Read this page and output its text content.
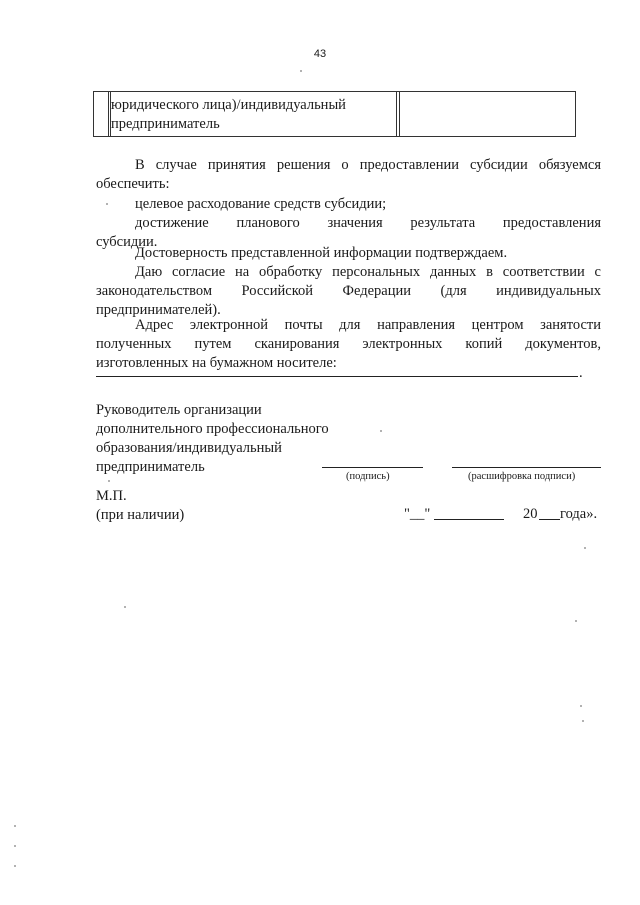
43
юридического лица)/индивидуальный
предприниматель
В случае принятия решения о предоставлении субсидии обязуемся
обеспечить:
целевое расходование средств субсидии;
достижение планового значения результата предоставления
субсидии.
Достоверность представленной информации подтверждаем.
Даю согласие на обработку персональных данных в соответствии с
законодательством Российской Федерации (для индивидуальных
предпринимателей).
Адрес электронной почты для направления центром занятости
полученных путем сканирования электронных копий документов,
изготовленных на бумажном носителе:
.
Руководитель организации
дополнительного профессионального
образования/индивидуальный
предприниматель
(подпись)	(расшифровка подписи)
М.П.
(при наличии)	"__"	20 года».
